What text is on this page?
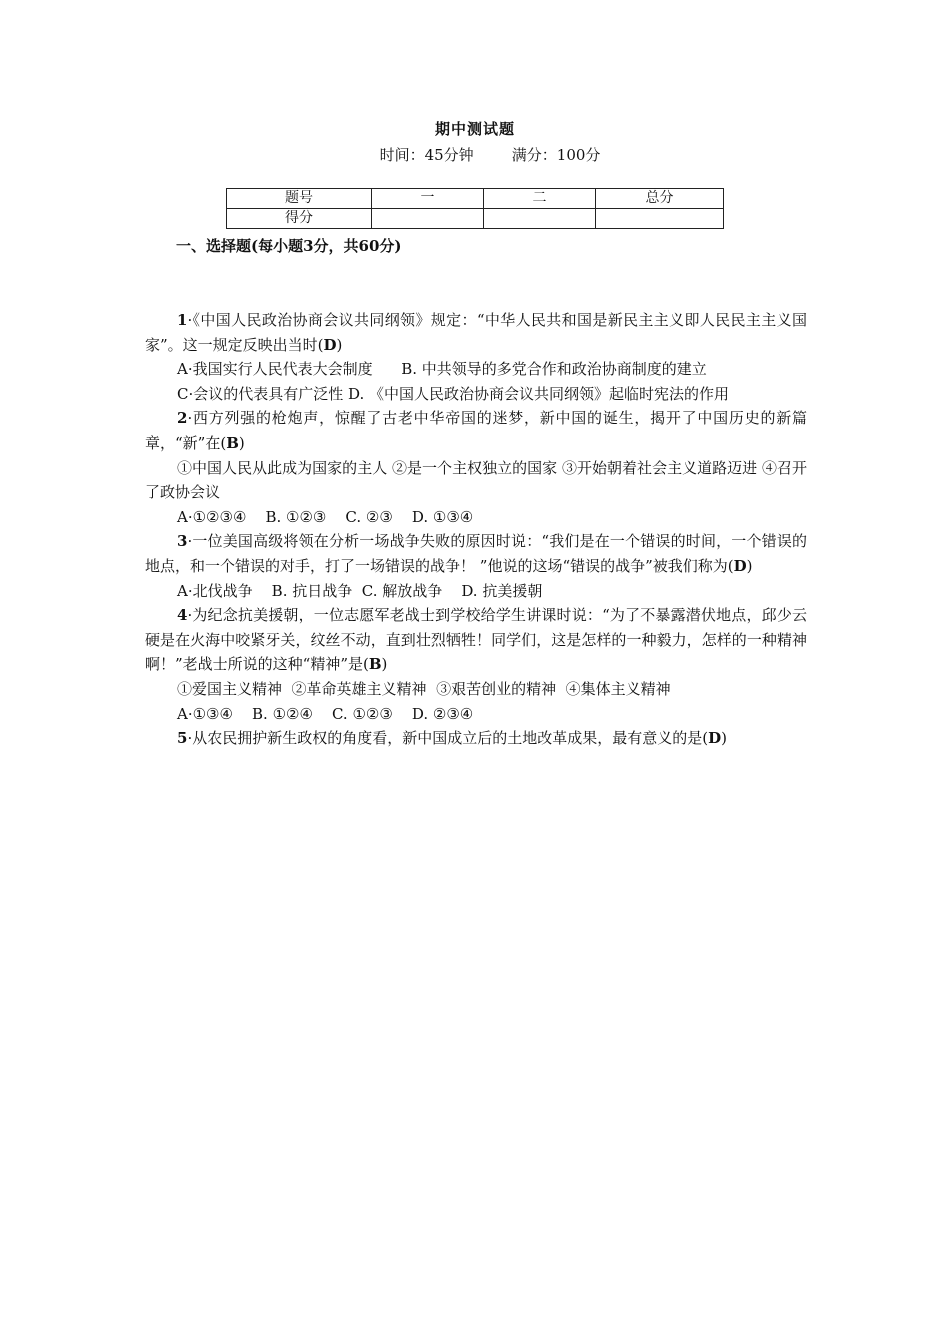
期中测试题
时间：45分钟        满分：100分
题号	一	二	总分
得分			
一、选择题(每小题3分，共60分)

1·《中国人民政治协商会议共同纲领》规定：“中华人民共和国是新民主主义即人民民主主义国家”。这一规定反映出当时(D)

A·我国实行人民代表大会制度      B. 中共领导的多党合作和政治协商制度的建立

C·会议的代表具有广泛性 D. 《中国人民政治协商会议共同纲领》起临时宪法的作用

2·西方列强的枪炮声，惊醒了古老中华帝国的迷梦，新中国的诞生，揭开了中国历史的新篇章，“新”在(B)

①中国人民从此成为国家的主人 ②是一个主权独立的国家 ③开始朝着社会主义道路迈进 ④召开了政协会议

A·①②③④    B. ①②③    C. ②③    D. ①③④

3·一位美国高级将领在分析一场战争失败的原因时说：“我们是在一个错误的时间，一个错误的地点，和一个错误的对手，打了一场错误的战争！ ”他说的这场“错误的战争”被我们称为(D)

A·北伐战争    B. 抗日战争  C. 解放战争    D. 抗美援朝

4·为纪念抗美援朝，一位志愿军老战士到学校给学生讲课时说：“为了不暴露潜伏地点，邱少云硬是在火海中咬紧牙关，纹丝不动，直到壮烈牺牲！同学们，这是怎样的一种毅力，怎样的一种精神啊！”老战士所说的这种“精神”是(B)

①爱国主义精神  ②革命英雄主义精神  ③艰苦创业的精神  ④集体主义精神

A·①③④    B. ①②④    C. ①②③    D. ②③④

5·从农民拥护新生政权的角度看，新中国成立后的土地改革成果，最有意义的是(D)
